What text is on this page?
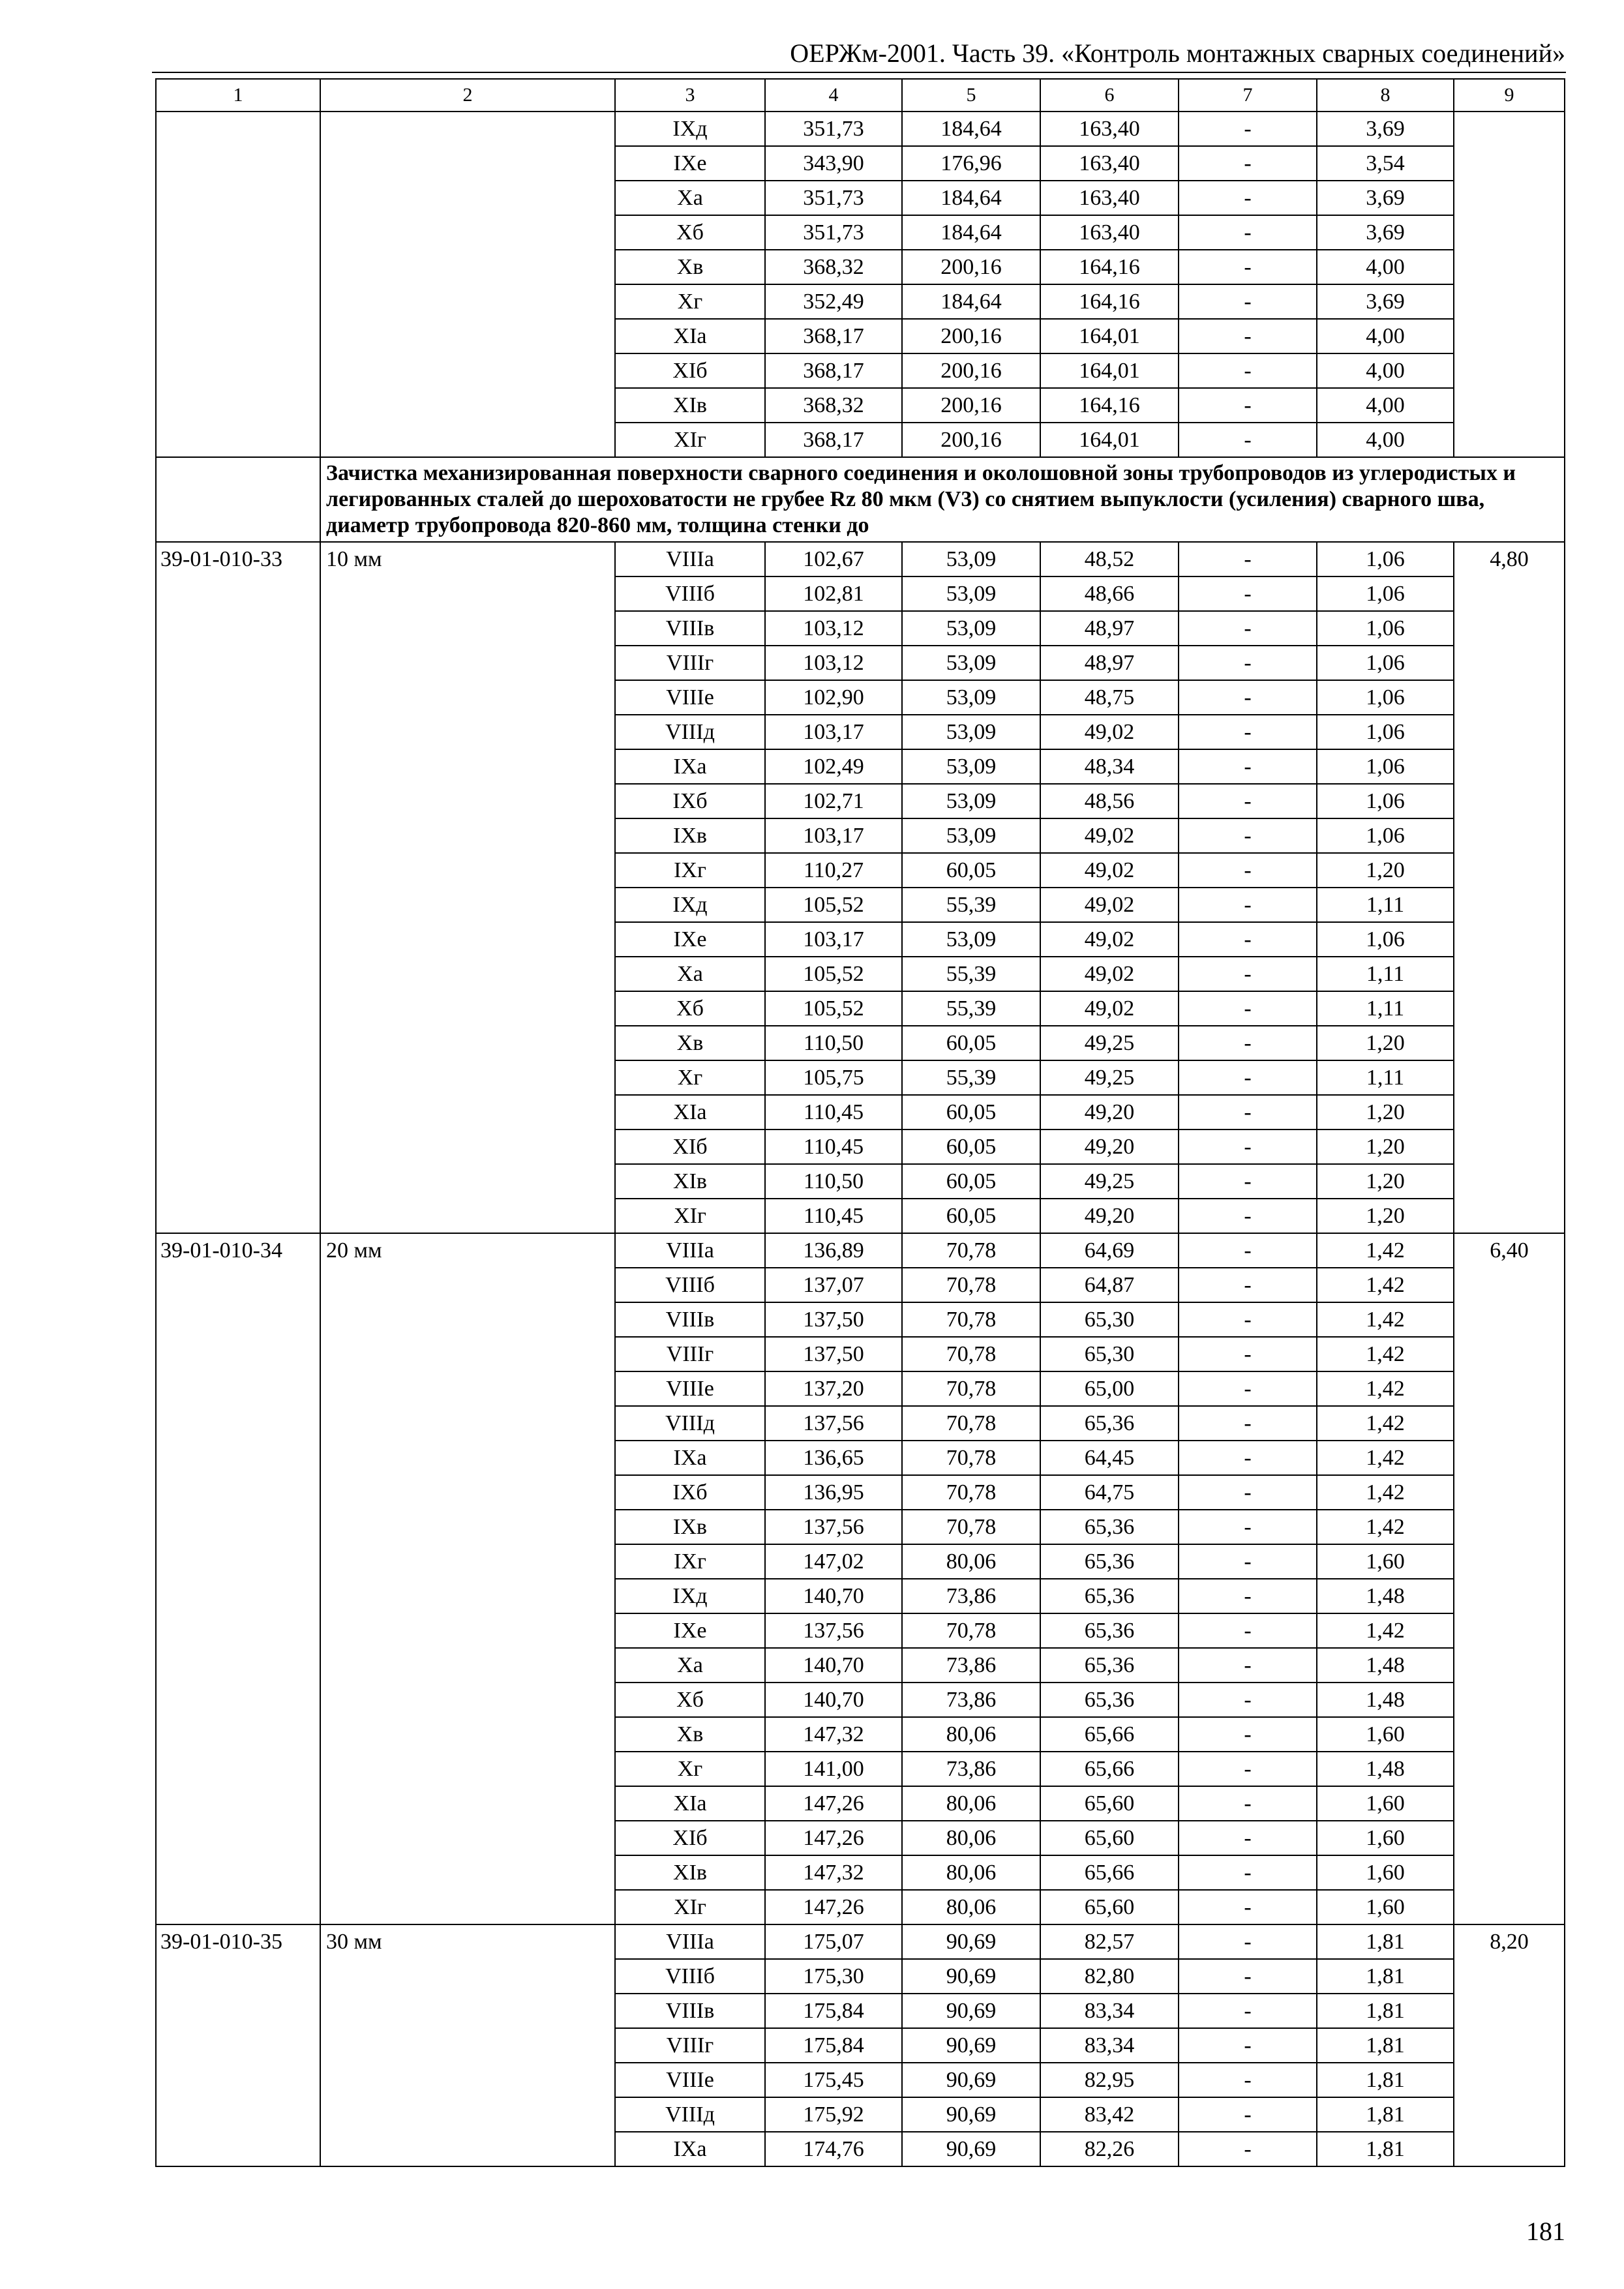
ОЕРЖм-2001. Часть 39. «Контроль монтажных сварных соединений»
1	2	3	4	5	6	7	8	9
		IXд	351,73	184,64	163,40	-	3,69	
		IXе	343,90	176,96	163,40	-	3,54	
		Xа	351,73	184,64	163,40	-	3,69	
		Xб	351,73	184,64	163,40	-	3,69	
		Xв	368,32	200,16	164,16	-	4,00	
		Xг	352,49	184,64	164,16	-	3,69	
		XIа	368,17	200,16	164,01	-	4,00	
		XIб	368,17	200,16	164,01	-	4,00	
		XIв	368,32	200,16	164,16	-	4,00	
		XIг	368,17	200,16	164,01	-	4,00	
	Зачистка механизированная поверхности сварного соединения и околошовной зоны трубопроводов из углеродистых и легированных сталей до шероховатости не грубее Rz 80 мкм (V3) со снятием выпуклости (усиления) сварного шва, диаметр трубопровода 820-860 мм, толщина стенки до							
39-01-010-33	10 мм	VIIIа	102,67	53,09	48,52	-	1,06	4,80
		VIIIб	102,81	53,09	48,66	-	1,06	
		VIIIв	103,12	53,09	48,97	-	1,06	
		VIIIг	103,12	53,09	48,97	-	1,06	
		VIIIе	102,90	53,09	48,75	-	1,06	
		VIIIд	103,17	53,09	49,02	-	1,06	
		IXа	102,49	53,09	48,34	-	1,06	
		IXб	102,71	53,09	48,56	-	1,06	
		IXв	103,17	53,09	49,02	-	1,06	
		IXг	110,27	60,05	49,02	-	1,20	
		IXд	105,52	55,39	49,02	-	1,11	
		IXе	103,17	53,09	49,02	-	1,06	
		Xа	105,52	55,39	49,02	-	1,11	
		Xб	105,52	55,39	49,02	-	1,11	
		Xв	110,50	60,05	49,25	-	1,20	
		Xг	105,75	55,39	49,25	-	1,11	
		XIа	110,45	60,05	49,20	-	1,20	
		XIб	110,45	60,05	49,20	-	1,20	
		XIв	110,50	60,05	49,25	-	1,20	
		XIг	110,45	60,05	49,20	-	1,20	
39-01-010-34	20 мм	VIIIа	136,89	70,78	64,69	-	1,42	6,40
		VIIIб	137,07	70,78	64,87	-	1,42	
		VIIIв	137,50	70,78	65,30	-	1,42	
		VIIIг	137,50	70,78	65,30	-	1,42	
		VIIIе	137,20	70,78	65,00	-	1,42	
		VIIIд	137,56	70,78	65,36	-	1,42	
		IXа	136,65	70,78	64,45	-	1,42	
		IXб	136,95	70,78	64,75	-	1,42	
		IXв	137,56	70,78	65,36	-	1,42	
		IXг	147,02	80,06	65,36	-	1,60	
		IXд	140,70	73,86	65,36	-	1,48	
		IXе	137,56	70,78	65,36	-	1,42	
		Xа	140,70	73,86	65,36	-	1,48	
		Xб	140,70	73,86	65,36	-	1,48	
		Xв	147,32	80,06	65,66	-	1,60	
		Xг	141,00	73,86	65,66	-	1,48	
		XIа	147,26	80,06	65,60	-	1,60	
		XIб	147,26	80,06	65,60	-	1,60	
		XIв	147,32	80,06	65,66	-	1,60	
		XIг	147,26	80,06	65,60	-	1,60	
39-01-010-35	30 мм	VIIIа	175,07	90,69	82,57	-	1,81	8,20
		VIIIб	175,30	90,69	82,80	-	1,81	
		VIIIв	175,84	90,69	83,34	-	1,81	
		VIIIг	175,84	90,69	83,34	-	1,81	
		VIIIе	175,45	90,69	82,95	-	1,81	
		VIIIд	175,92	90,69	83,42	-	1,81	
		IXа	174,76	90,69	82,26	-	1,81	
181
